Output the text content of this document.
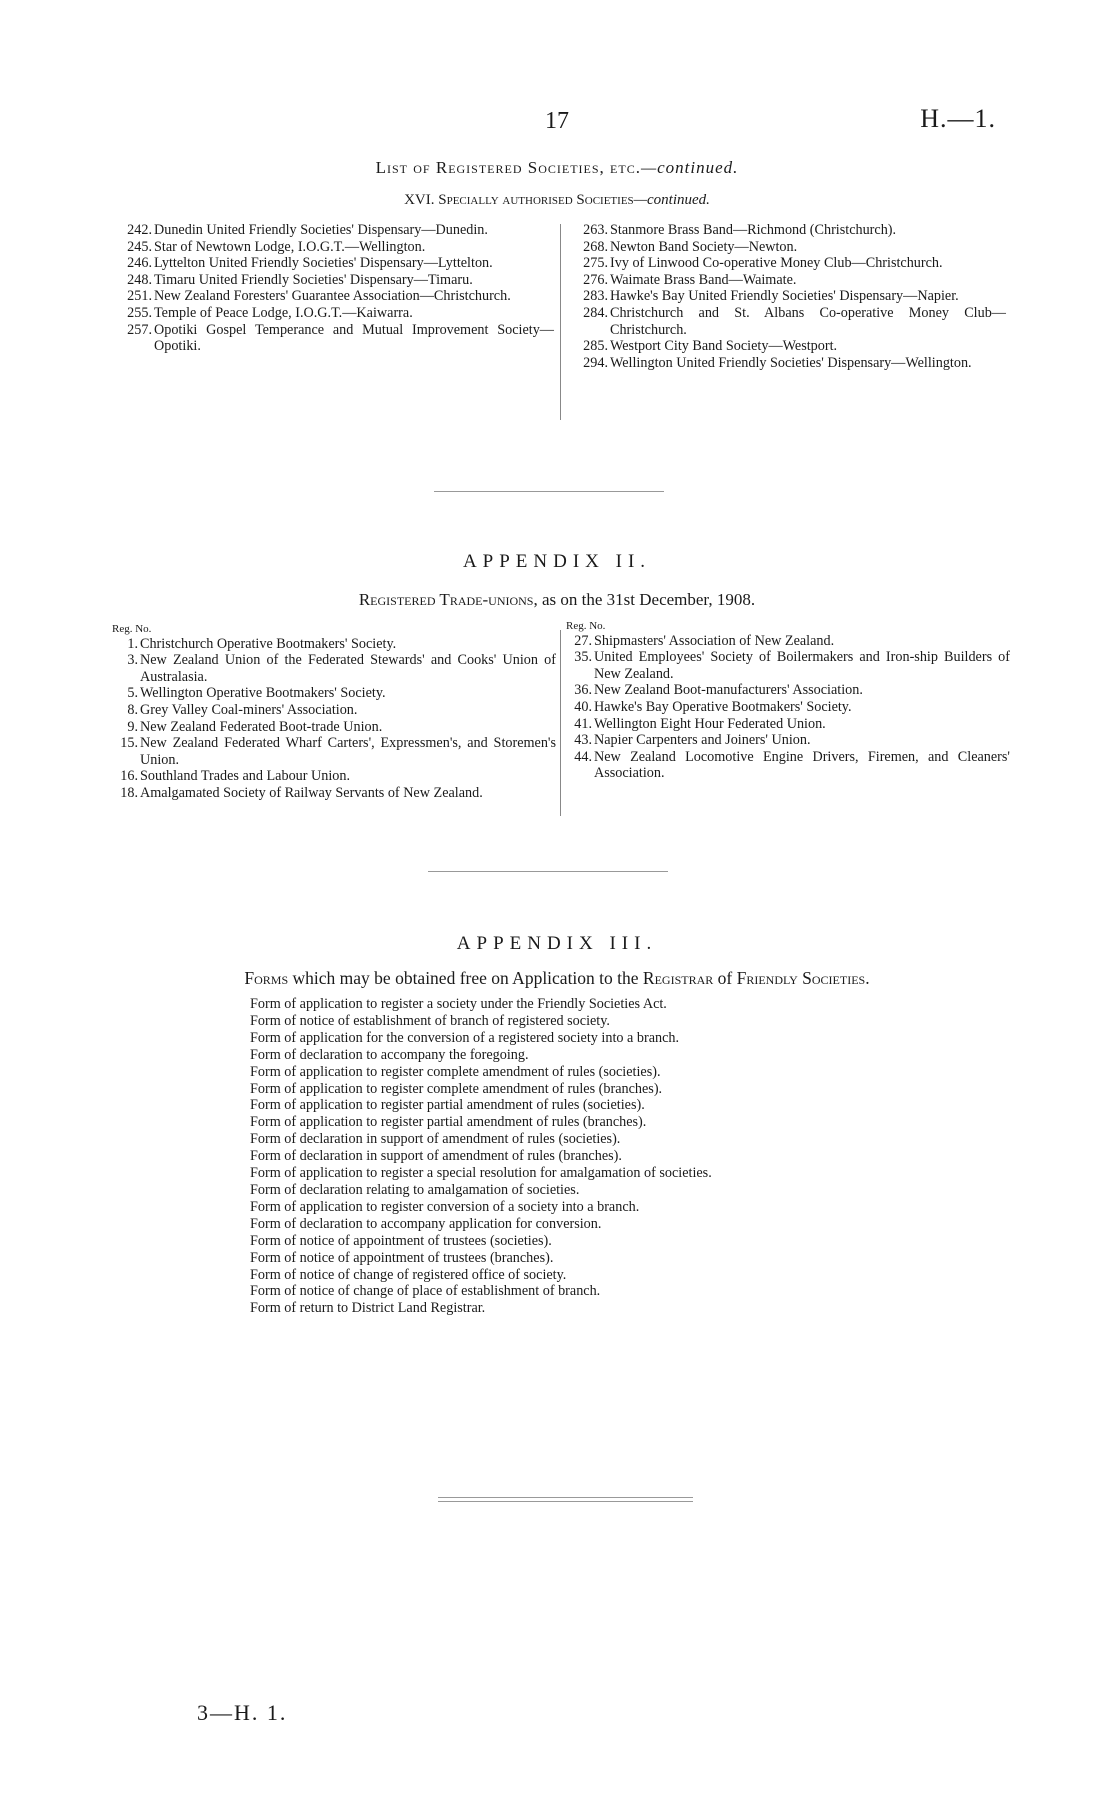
17	H.—1.
List of Registered Societies, etc.—continued.
XVI. Specially authorised Societies—continued.
242. Dunedin United Friendly Societies' Dispensary—Dunedin.
245. Star of Newtown Lodge, I.O.G.T.—Wellington.
246. Lyttelton United Friendly Societies' Dispensary—Lyttelton.
248. Timaru United Friendly Societies' Dispensary—Timaru.
251. New Zealand Foresters' Guarantee Association—Christchurch.
255. Temple of Peace Lodge, I.O.G.T.—Kaiwarra.
257. Opotiki Gospel Temperance and Mutual Improvement Society—Opotiki.
263. Stanmore Brass Band—Richmond (Christchurch).
268. Newton Band Society—Newton.
275. Ivy of Linwood Co-operative Money Club—Christchurch.
276. Waimate Brass Band—Waimate.
283. Hawke's Bay United Friendly Societies' Dispensary—Napier.
284. Christchurch and St. Albans Co-operative Money Club—Christchurch.
285. Westport City Band Society—Westport.
294. Wellington United Friendly Societies' Dispensary—Wellington.
APPENDIX II.
Registered Trade-unions, as on the 31st December, 1908.
Reg. No.
1. Christchurch Operative Bootmakers' Society.
3. New Zealand Union of the Federated Stewards' and Cooks' Union of Australasia.
5. Wellington Operative Bootmakers' Society.
8. Grey Valley Coal-miners' Association.
9. New Zealand Federated Boot-trade Union.
15. New Zealand Federated Wharf Carters', Expressmen's, and Storemen's Union.
16. Southland Trades and Labour Union.
18. Amalgamated Society of Railway Servants of New Zealand.
Reg. No.
27. Shipmasters' Association of New Zealand.
35. United Employees' Society of Boilermakers and Iron-ship Builders of New Zealand.
36. New Zealand Boot-manufacturers' Association.
40. Hawke's Bay Operative Bootmakers' Society.
41. Wellington Eight Hour Federated Union.
43. Napier Carpenters and Joiners' Union.
44. New Zealand Locomotive Engine Drivers, Firemen, and Cleaners' Association.
APPENDIX III.
Forms which may be obtained free on Application to the Registrar of Friendly Societies.
Form of application to register a society under the Friendly Societies Act.
Form of notice of establishment of branch of registered society.
Form of application for the conversion of a registered society into a branch.
Form of declaration to accompany the foregoing.
Form of application to register complete amendment of rules (societies).
Form of application to register complete amendment of rules (branches).
Form of application to register partial amendment of rules (societies).
Form of application to register partial amendment of rules (branches).
Form of declaration in support of amendment of rules (societies).
Form of declaration in support of amendment of rules (branches).
Form of application to register a special resolution for amalgamation of societies.
Form of declaration relating to amalgamation of societies.
Form of application to register conversion of a society into a branch.
Form of declaration to accompany application for conversion.
Form of notice of appointment of trustees (societies).
Form of notice of appointment of trustees (branches).
Form of notice of change of registered office of society.
Form of notice of change of place of establishment of branch.
Form of return to District Land Registrar.
3—H. 1.
